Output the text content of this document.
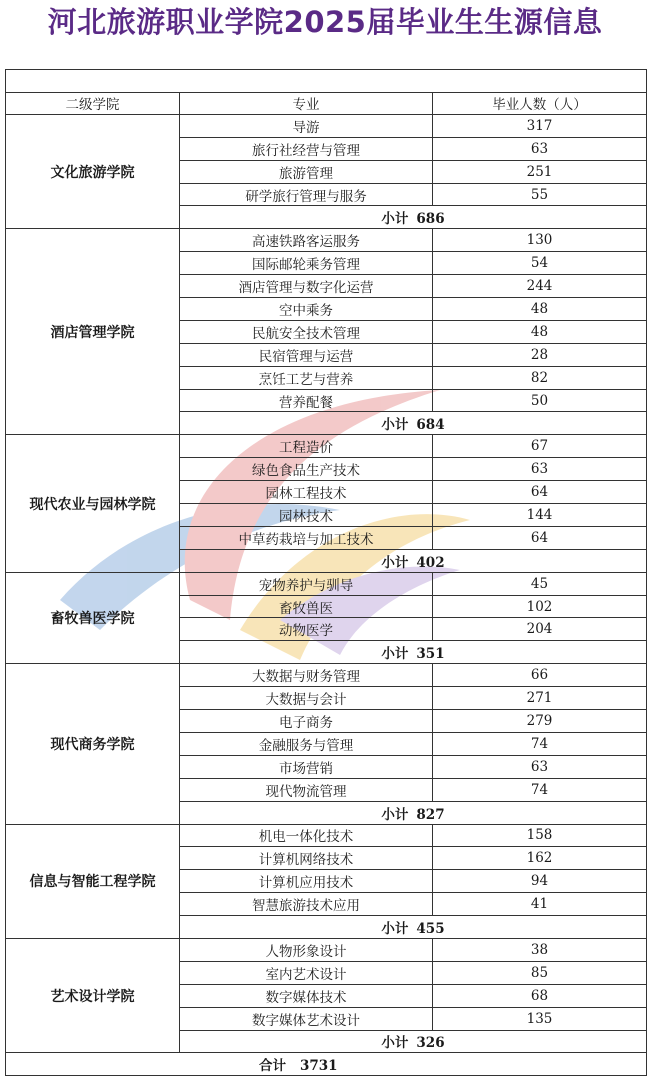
河北旅游职业学院2025届毕业生生源信息

二级学院	专业	毕业人数（人）
文化旅游学院	导游	317
	旅行社经营与管理	63
	旅游管理	251
	研学旅行管理与服务	55
	小计 686	
酒店管理学院	高速铁路客运服务	130
	国际邮轮乘务管理	54
	酒店管理与数字化运营	244
	空中乘务	48
	民航安全技术管理	48
	民宿管理与运营	28
	烹饪工艺与营养	82
	营养配餐	50
	小计 684	
现代农业与园林学院	工程造价	67
	绿色食品生产技术	63
	园林工程技术	64
	园林技术	144
	中草药栽培与加工技术	64
	小计 402	
畜牧兽医学院	宠物养护与驯导	45
	畜牧兽医	102
	动物医学	204
	小计 351	
现代商务学院	大数据与财务管理	66
	大数据与会计	271
	电子商务	279
	金融服务与管理	74
	市场营销	63
	现代物流管理	74
	小计 827	
信息与智能工程学院	机电一体化技术	158
	计算机网络技术	162
	计算机应用技术	94
	智慧旅游技术应用	41
	小计 455	
艺术设计学院	人物形象设计	38
	室内艺术设计	85
	数字媒体技术	68
	数字媒体艺术设计	135
	小计 326	
合计 3731		
